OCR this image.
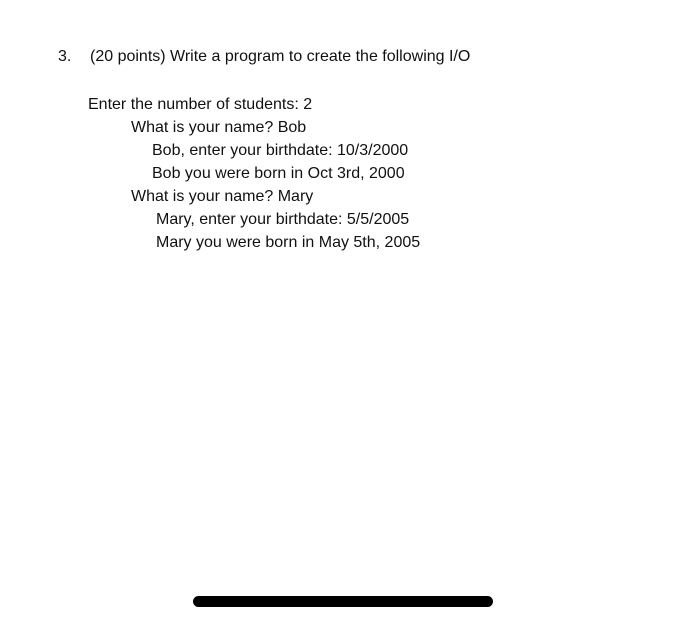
3. (20 points) Write a program to create the following I/O
Enter the number of students: 2
What is your name? Bob
Bob, enter your birthdate: 10/3/2000
Bob you were born in Oct 3rd, 2000
What is your name? Mary
Mary, enter your birthdate: 5/5/2005
Mary you were born in May 5th, 2005
